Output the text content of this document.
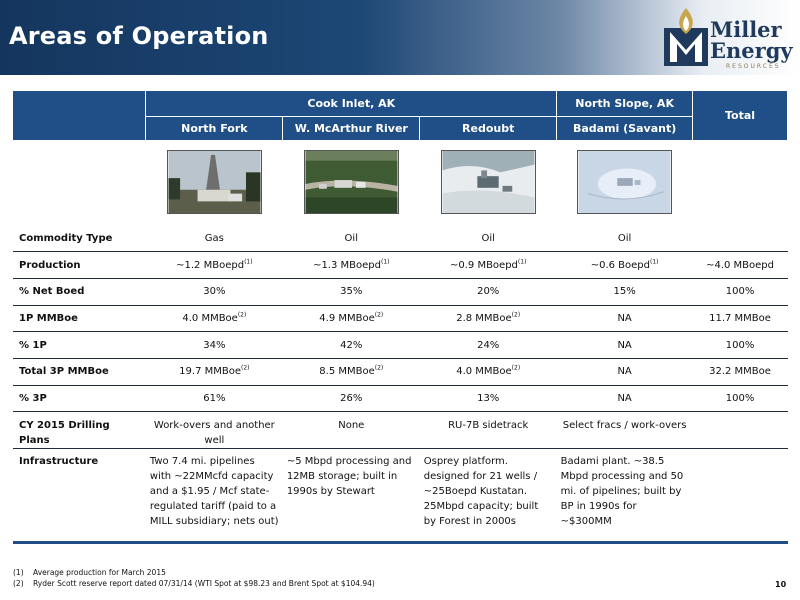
Areas of Operation	Miller
Energy
RESOURCES
	Cook Inlet, AK			North Slope, AK	Total
	North Fork	W. McArthur River	Redoubt	Badami (Savant)	

Commodity Type	Gas	Oil	Oil	Oil	
Production	~1.2 MBoepd$^{(1)}$	~1.3 MBoepd$^{(1)}$	~0.9 MBoepd$^{(1)}$	~0.6 Boepd$^{(1)}$	~4.0 MBoepd
% Net Boed	30%	35%	20%	15%	100%
1P MMBoe	4.0 MMBoe$^{(2)}$	4.9 MMBoe$^{(2)}$	2.8 MMBoe$^{(2)}$	NA	11.7 MMBoe
% 1P	34%	42%	24%	NA	100%
Total 3P MMBoe	19.7 MMBoe$^{(2)}$	8.5 MMBoe$^{(2)}$	4.0 MMBoe$^{(2)}$	NA	32.2 MMBoe
% 3P	61%	26%	13%	NA	100%
CY 2015 Drilling Plans	Work-overs and another well	None	RU-7B sidetrack	Select fracs / work-overs	
Infrastructure	Two 7.4 mi. pipelines with ~22MMcfd capacity and a $1.95 / Mcf state-regulated tariff (paid to a MILL subsidiary; nets out)	~5 Mbpd processing and 12MB storage; built in 1990s by Stewart	Osprey platform. designed for 21 wells / ~25Boepd Kustatan. 25Mbpd capacity; built by Forest in 2000s	Badami plant. ~38.5 Mbpd processing and 50 mi. of pipelines; built by BP in 1990s for ~$300MM	
(1) Average production for March 2015
(2) Ryder Scott reserve report dated 07/31/14 (WTI Spot at $98.23 and Brent Spot at $104.94)	10
